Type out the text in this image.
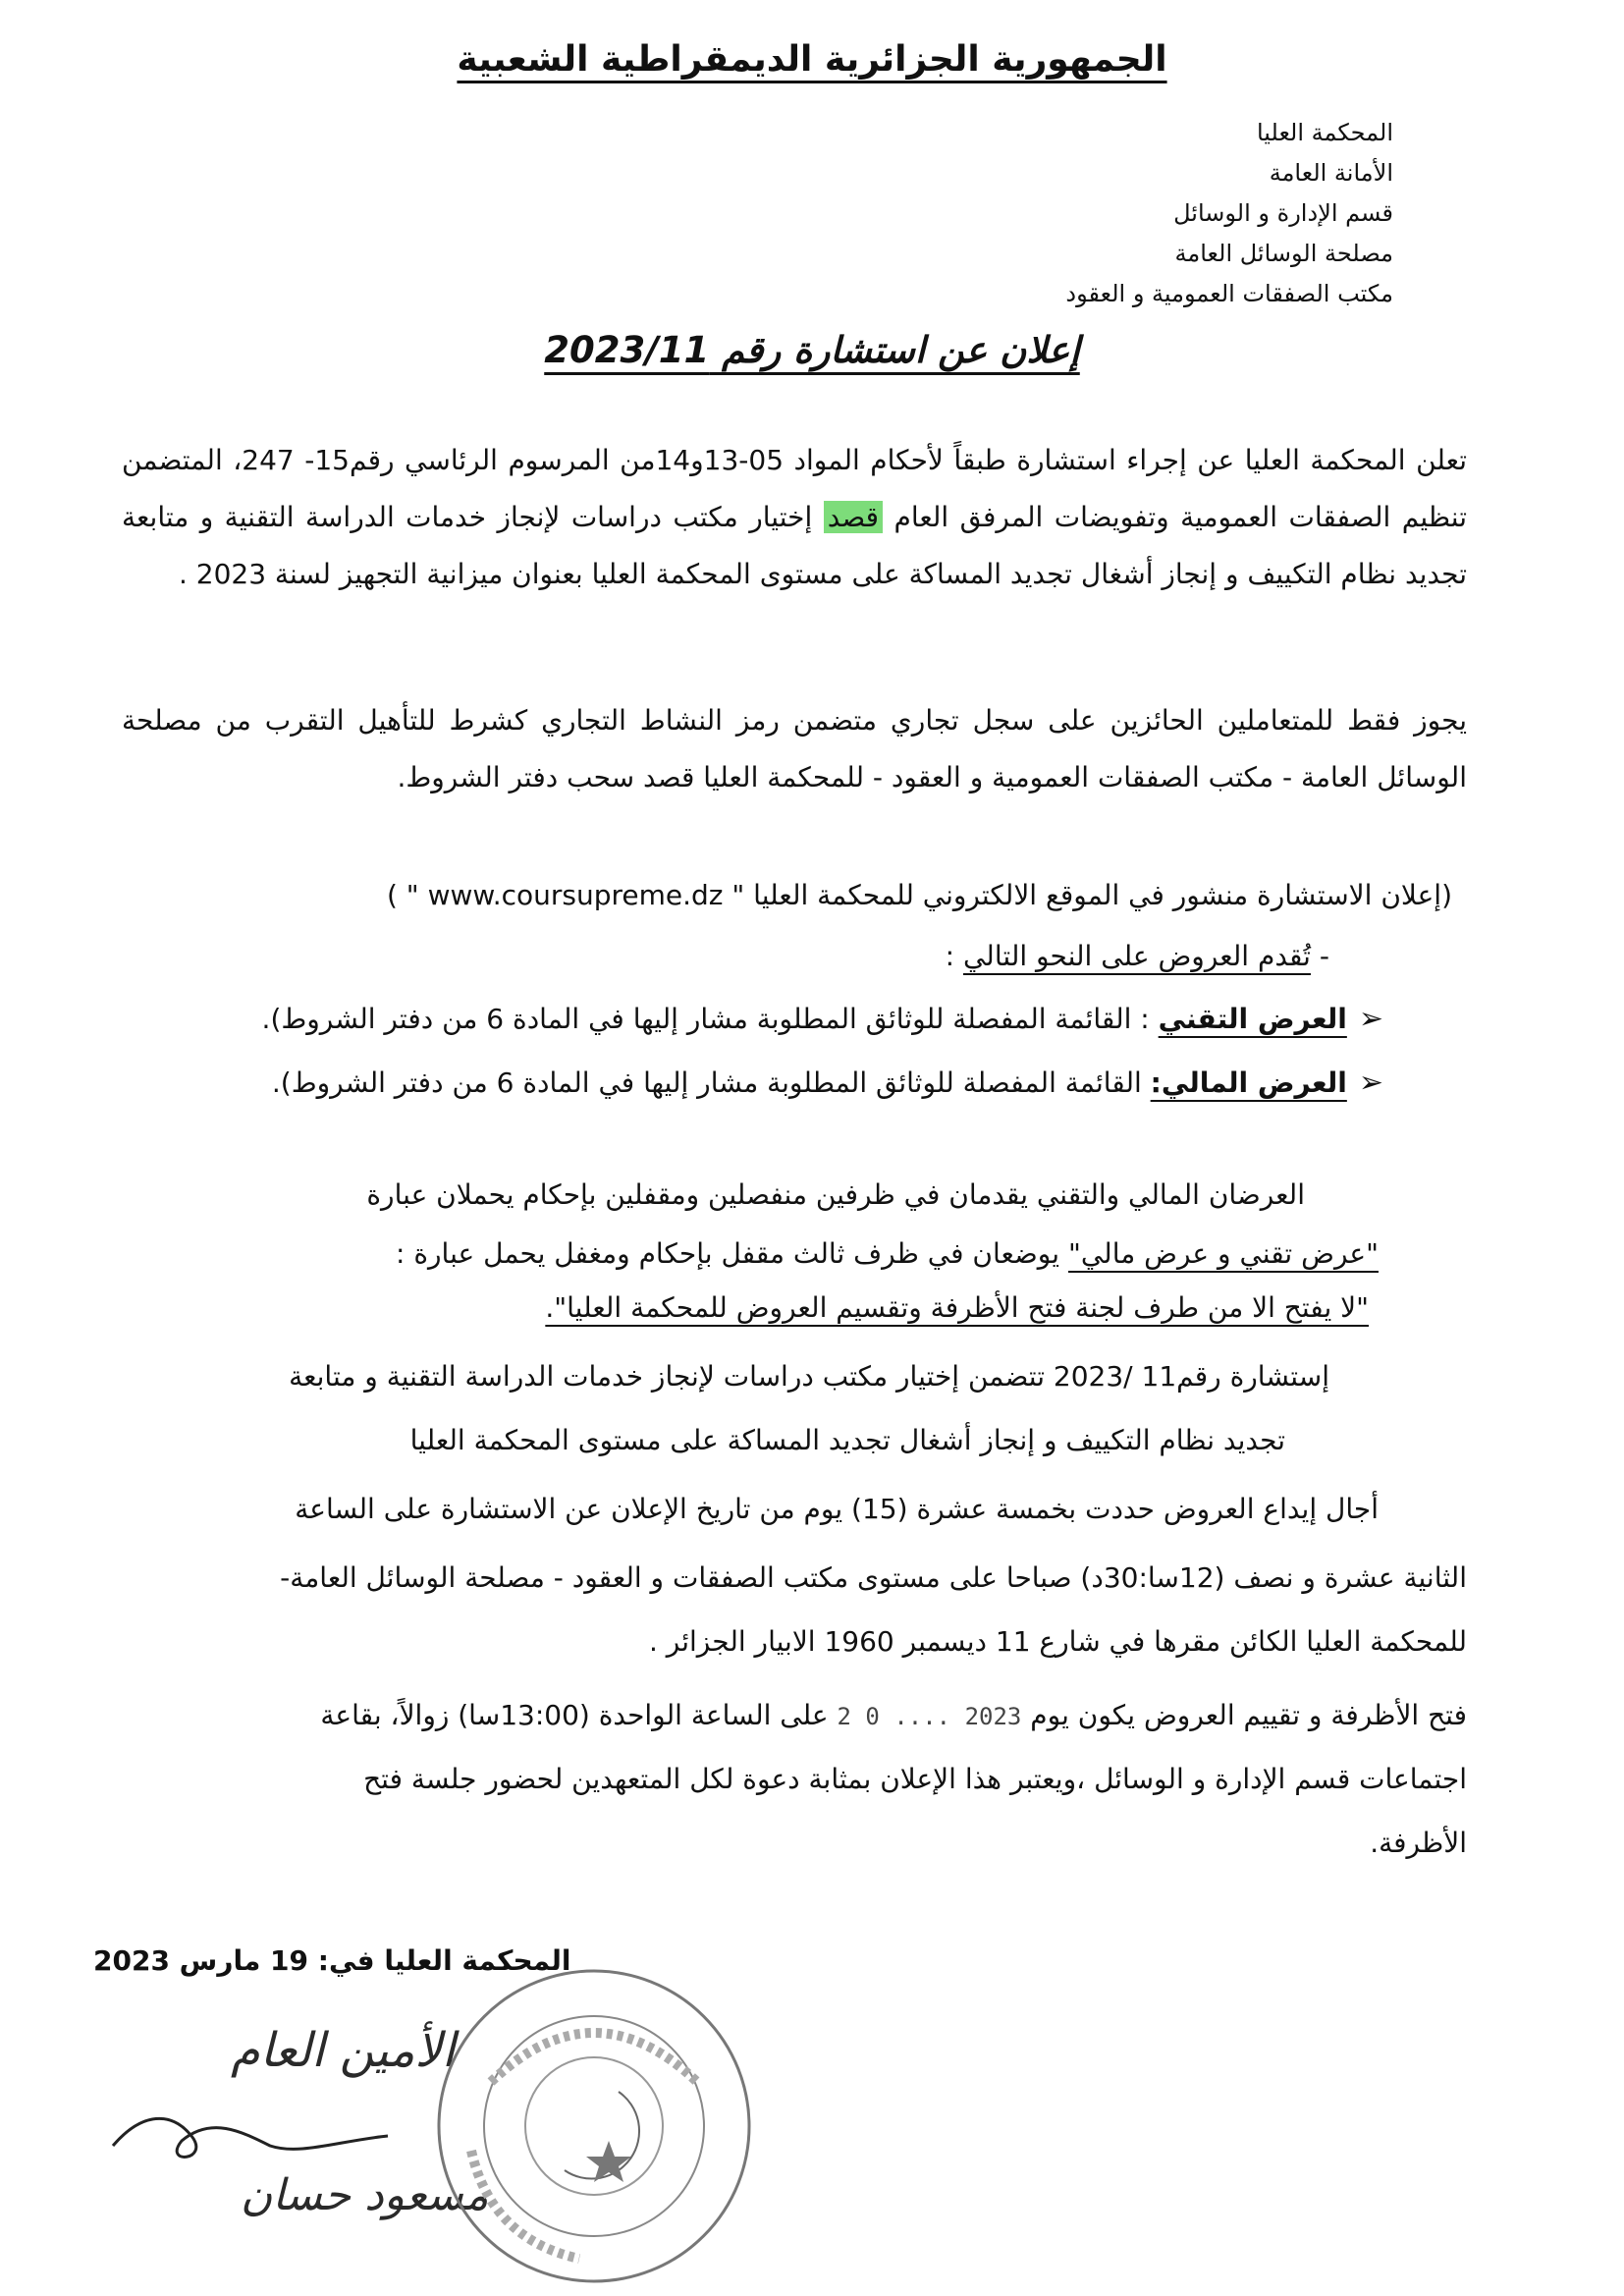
الجمهورية الجزائرية الديمقراطية الشعبية
المحكمة العليا
الأمانة العامة
قسم الإدارة و الوسائل
مصلحة الوسائل العامة
مكتب الصفقات العمومية و العقود
إعلان عن استشارة رقم 2023/11
تعلن المحكمة العليا عن إجراء استشارة طبقاً لأحكام المواد 05-13و14من المرسوم الرئاسي رقم15- 247، المتضمن تنظيم الصفقات العمومية وتفويضات المرفق العام قصد إختيار مكتب دراسات لإنجاز خدمات الدراسة التقنية و متابعة تجديد نظام التكييف و إنجاز أشغال تجديد المساكة على مستوى المحكمة العليا بعنوان ميزانية التجهيز لسنة 2023 .
يجوز فقط للمتعاملين الحائزين على سجل تجاري متضمن رمز النشاط التجاري كشرط للتأهيل التقرب من مصلحة الوسائل العامة - مكتب الصفقات العمومية و العقود - للمحكمة العليا قصد سحب دفتر الشروط.
(إعلان الاستشارة منشور في الموقع الالكتروني للمحكمة العليا " www.coursupreme.dz " )
- تُقدم العروض على النحو التالي :
➢العرض التقني : القائمة المفصلة للوثائق المطلوبة مشار إليها في المادة 6 من دفتر الشروط).
➢العرض المالي: القائمة المفصلة للوثائق المطلوبة مشار إليها في المادة 6 من دفتر الشروط).
العرضان المالي والتقني يقدمان في ظرفين منفصلين ومقفلين بإحكام يحملان عبارة
"عرض تقني و عرض مالي" يوضعان في ظرف ثالث مقفل بإحكام ومغفل يحمل عبارة :
"لا يفتح الا من طرف لجنة فتح الأظرفة وتقسيم العروض للمحكمة العليا".
إستشارة رقم11 /2023 تتضمن إختيار مكتب دراسات لإنجاز خدمات الدراسة التقنية و متابعة
تجديد نظام التكييف و إنجاز أشغال تجديد المساكة على مستوى المحكمة العليا
أجال إيداع العروض حددت بخمسة عشرة (15) يوم من تاريخ الإعلان عن الاستشارة على الساعة
الثانية عشرة و نصف (12سا:30د) صباحا على مستوى مكتب الصفقات و العقود - مصلحة الوسائل العامة-
للمحكمة العليا الكائن مقرها في شارع 11 ديسمبر 1960 الابيار الجزائر .
فتح الأظرفة و تقييم العروض يكون يوم 2023 .... 0 2 على الساعة الواحدة (13:00سا) زوالاً، بقاعة
اجتماعات قسم الإدارة و الوسائل ،ويعتبر هذا الإعلان بمثابة دعوة لكل المتعهدين لحضور جلسة فتح
الأظرفة.
المحكمة العليا في: 19 مارس 2023
الأمين العام
مسعود حسان
